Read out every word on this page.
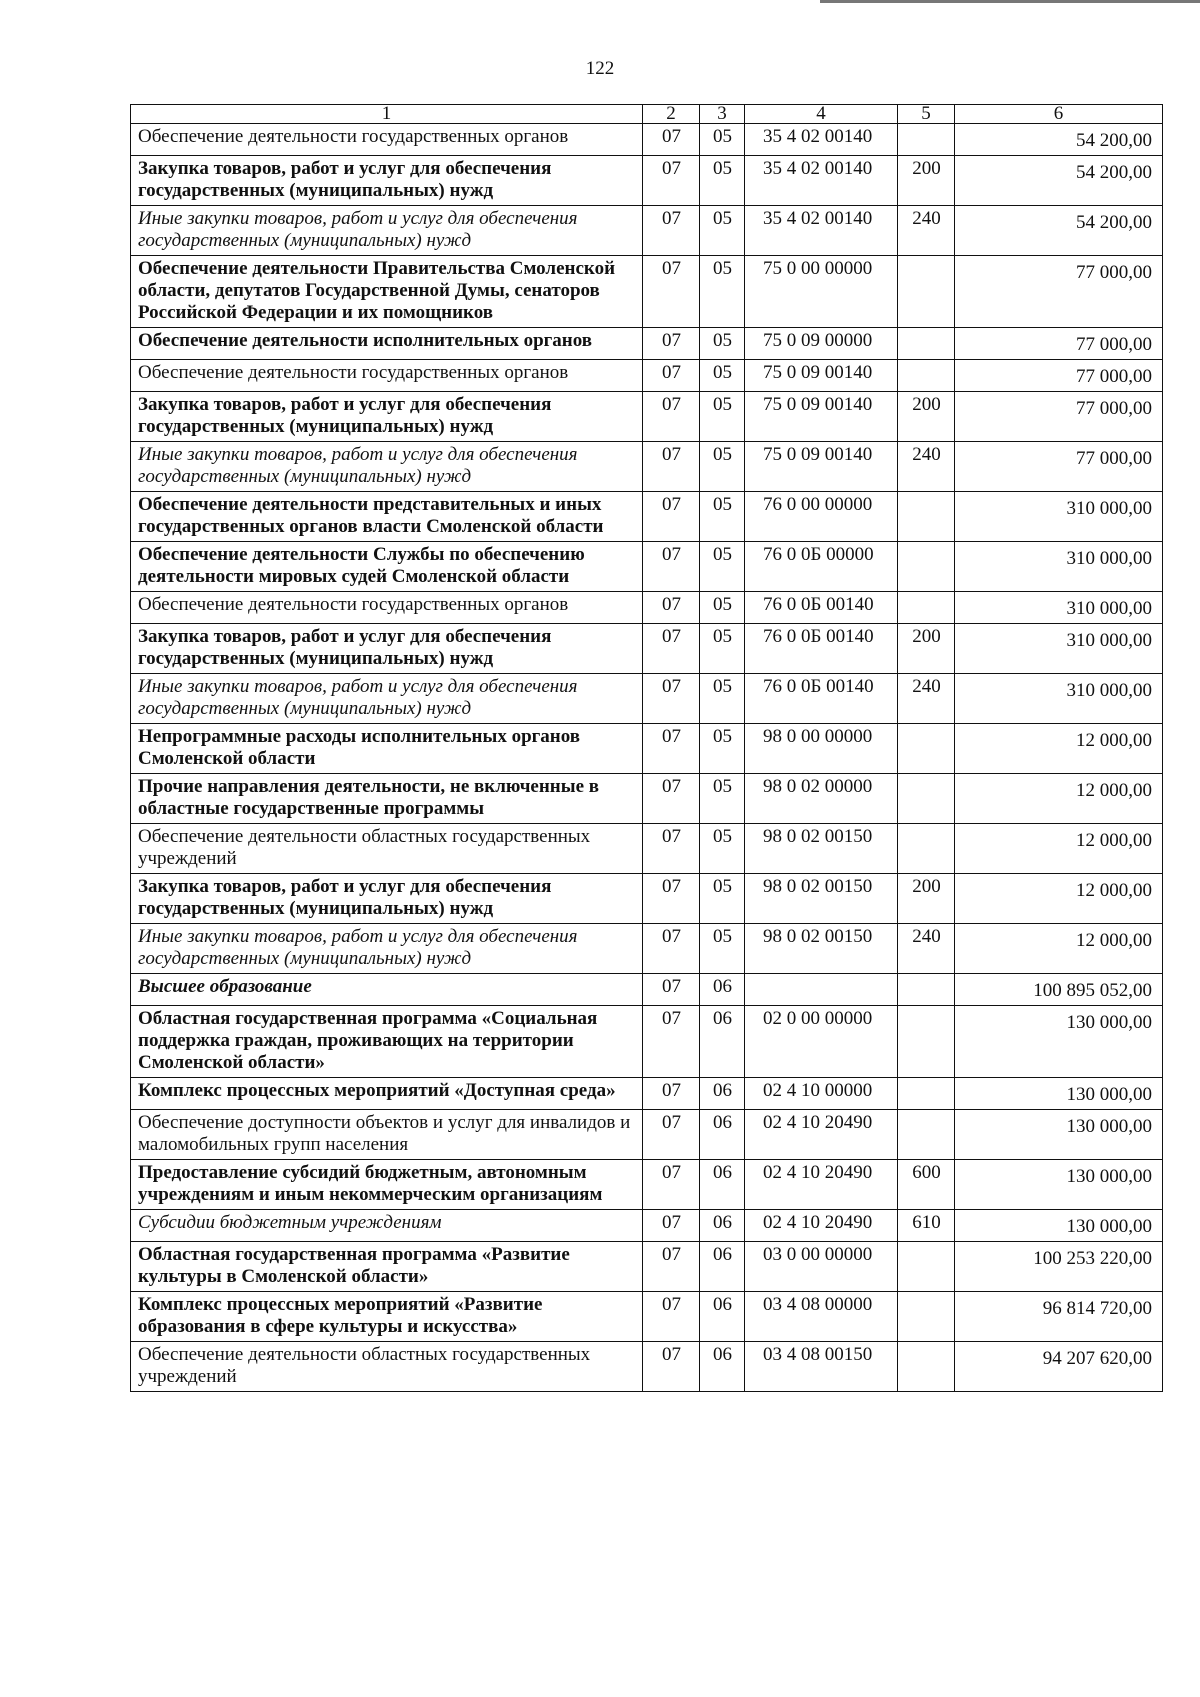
122
1	2	3	4	5	6
Обеспечение деятельности государственных органов	07	05	35 4 02 00140		54 200,00
Закупка товаров, работ и услуг для обеспечения государственных (муниципальных) нужд	07	05	35 4 02 00140	200	54 200,00
Иные закупки товаров, работ и услуг для обеспечения государственных (муниципальных) нужд	07	05	35 4 02 00140	240	54 200,00
Обеспечение деятельности Правительства Смоленской области, депутатов Государственной Думы, сенаторов Российской Федерации и их помощников	07	05	75 0 00 00000		77 000,00
Обеспечение деятельности исполнительных органов	07	05	75 0 09 00000		77 000,00
Обеспечение деятельности государственных органов	07	05	75 0 09 00140		77 000,00
Закупка товаров, работ и услуг для обеспечения государственных (муниципальных) нужд	07	05	75 0 09 00140	200	77 000,00
Иные закупки товаров, работ и услуг для обеспечения государственных (муниципальных) нужд	07	05	75 0 09 00140	240	77 000,00
Обеспечение деятельности представительных и иных государственных органов власти Смоленской области	07	05	76 0 00 00000		310 000,00
Обеспечение деятельности Службы по обеспечению деятельности мировых судей Смоленской области	07	05	76 0 0Б 00000		310 000,00
Обеспечение деятельности государственных органов	07	05	76 0 0Б 00140		310 000,00
Закупка товаров, работ и услуг для обеспечения государственных (муниципальных) нужд	07	05	76 0 0Б 00140	200	310 000,00
Иные закупки товаров, работ и услуг для обеспечения государственных (муниципальных) нужд	07	05	76 0 0Б 00140	240	310 000,00
Непрограммные расходы исполнительных органов Смоленской области	07	05	98 0 00 00000		12 000,00
Прочие направления деятельности, не включенные в областные государственные программы	07	05	98 0 02 00000		12 000,00
Обеспечение деятельности областных государственных учреждений	07	05	98 0 02 00150		12 000,00
Закупка товаров, работ и услуг для обеспечения государственных (муниципальных) нужд	07	05	98 0 02 00150	200	12 000,00
Иные закупки товаров, работ и услуг для обеспечения государственных (муниципальных) нужд	07	05	98 0 02 00150	240	12 000,00
Высшее образование	07	06			100 895 052,00
Областная государственная программа «Социальная поддержка граждан, проживающих на территории Смоленской области»	07	06	02 0 00 00000		130 000,00
Комплекс процессных мероприятий «Доступная среда»	07	06	02 4 10 00000		130 000,00
Обеспечение доступности объектов и услуг для инвалидов и маломобильных групп населения	07	06	02 4 10 20490		130 000,00
Предоставление субсидий бюджетным, автономным учреждениям и иным некоммерческим организациям	07	06	02 4 10 20490	600	130 000,00
Субсидии бюджетным учреждениям	07	06	02 4 10 20490	610	130 000,00
Областная государственная программа «Развитие культуры в Смоленской области»	07	06	03 0 00 00000		100 253 220,00
Комплекс процессных мероприятий «Развитие образования в сфере культуры и искусства»	07	06	03 4 08 00000		96 814 720,00
Обеспечение деятельности областных государственных учреждений	07	06	03 4 08 00150		94 207 620,00
